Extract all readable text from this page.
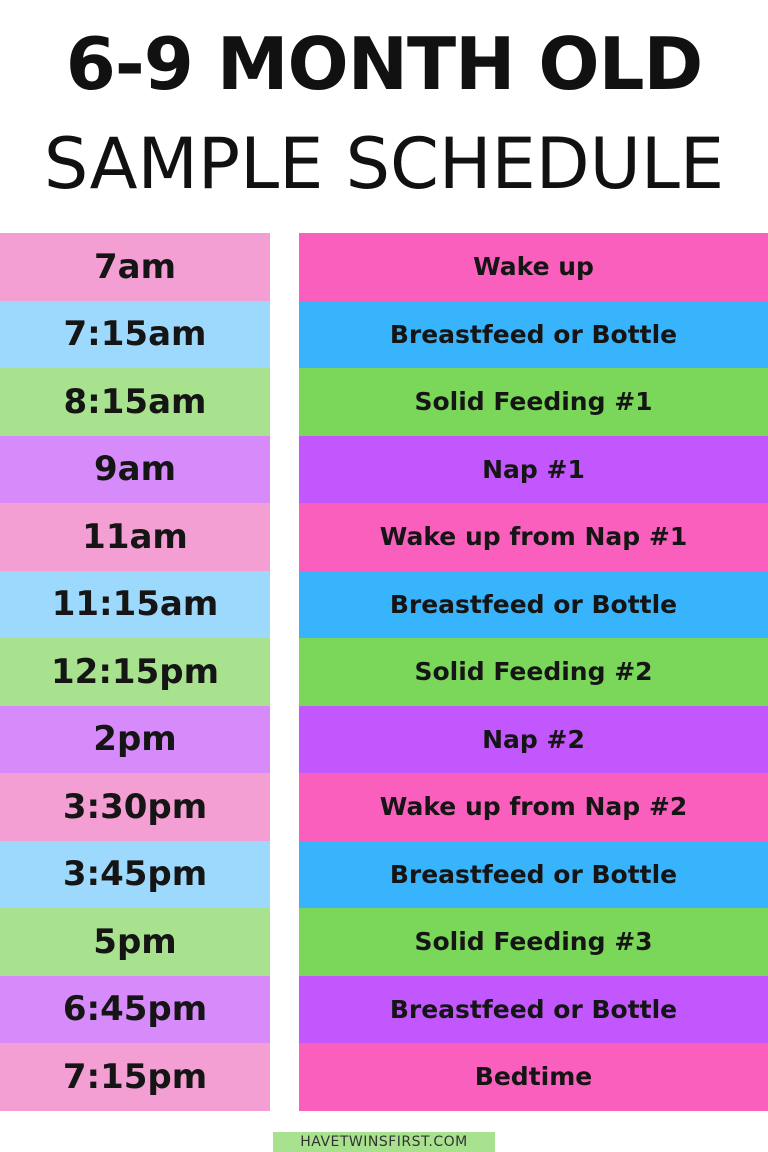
6-9 MONTH OLD
SAMPLE SCHEDULE
7am	Wake up
7:15am	Breastfeed or Bottle
8:15am	Solid Feeding #1
9am	Nap #1
11am	Wake up from Nap #1
11:15am	Breastfeed or Bottle
12:15pm	Solid Feeding #2
2pm	Nap #2
3:30pm	Wake up from Nap #2
3:45pm	Breastfeed or Bottle
5pm	Solid Feeding #3
6:45pm	Breastfeed or Bottle
7:15pm	Bedtime
HAVETWINSFIRST.COM
